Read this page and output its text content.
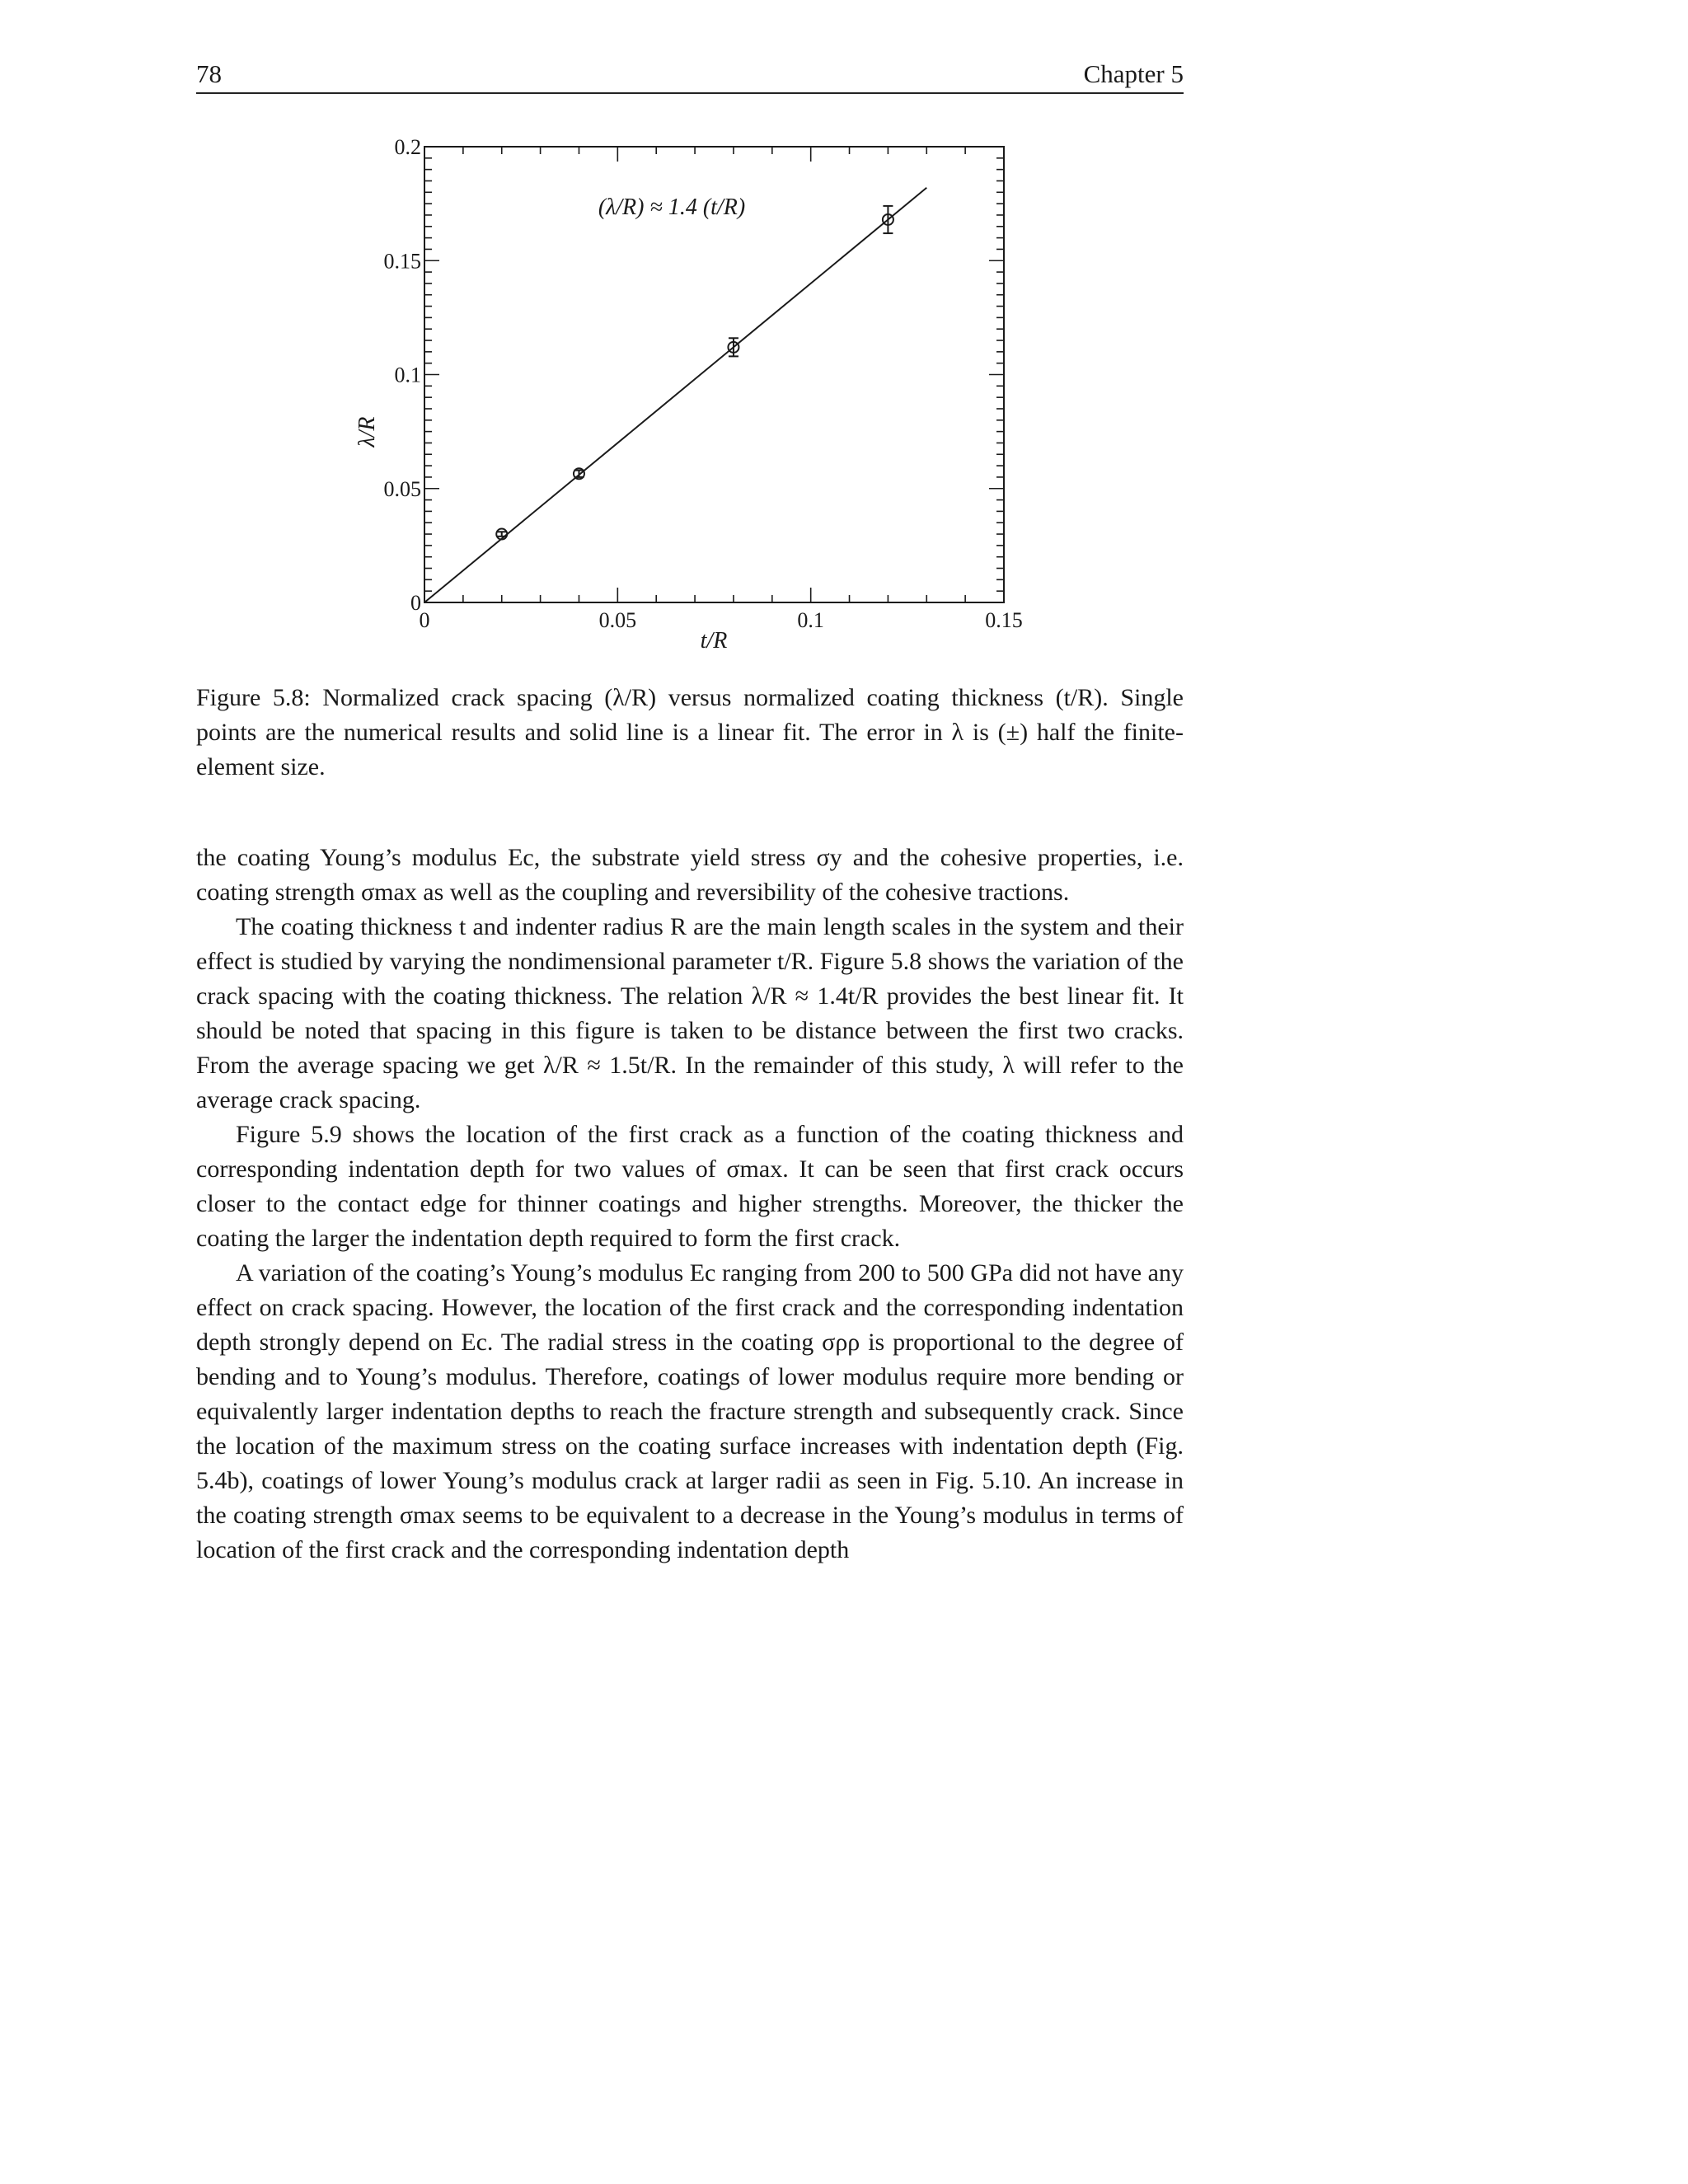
78	Chapter 5
0	0.05	0.1	0.15
0
0.05
0.1
0.15
0.2
(λ/R) ≈ 1.4 (t/R)
t/R
λ/R
Figure 5.8: Normalized crack spacing (λ/R) versus normalized coating thickness (t/R). Single points are the numerical results and solid line is a linear fit. The error in λ is (±) half the finite-element size.

the coating Young’s modulus Ec, the substrate yield stress σy and the cohesive properties, i.e. coating strength σmax as well as the coupling and reversibility of the cohesive tractions.

The coating thickness t and indenter radius R are the main length scales in the system and their effect is studied by varying the nondimensional parameter t/R. Figure 5.8 shows the variation of the crack spacing with the coating thickness. The relation λ/R ≈ 1.4t/R provides the best linear fit. It should be noted that spacing in this figure is taken to be distance between the first two cracks. From the average spacing we get λ/R ≈ 1.5t/R. In the remainder of this study, λ will refer to the average crack spacing.

Figure 5.9 shows the location of the first crack as a function of the coating thickness and corresponding indentation depth for two values of σmax. It can be seen that first crack occurs closer to the contact edge for thinner coatings and higher strengths. Moreover, the thicker the coating the larger the indentation depth required to form the first crack.

A variation of the coating’s Young’s modulus Ec ranging from 200 to 500 GPa did not have any effect on crack spacing. However, the location of the first crack and the corresponding indentation depth strongly depend on Ec. The radial stress in the coating σρρ is proportional to the degree of bending and to Young’s modulus. Therefore, coatings of lower modulus require more bending or equivalently larger indentation depths to reach the fracture strength and subsequently crack. Since the location of the maximum stress on the coating surface increases with indentation depth (Fig. 5.4b), coatings of lower Young’s modulus crack at larger radii as seen in Fig. 5.10. An increase in the coating strength σmax seems to be equivalent to a decrease in the Young’s modulus in terms of location of the first crack and the corresponding indentation depth
